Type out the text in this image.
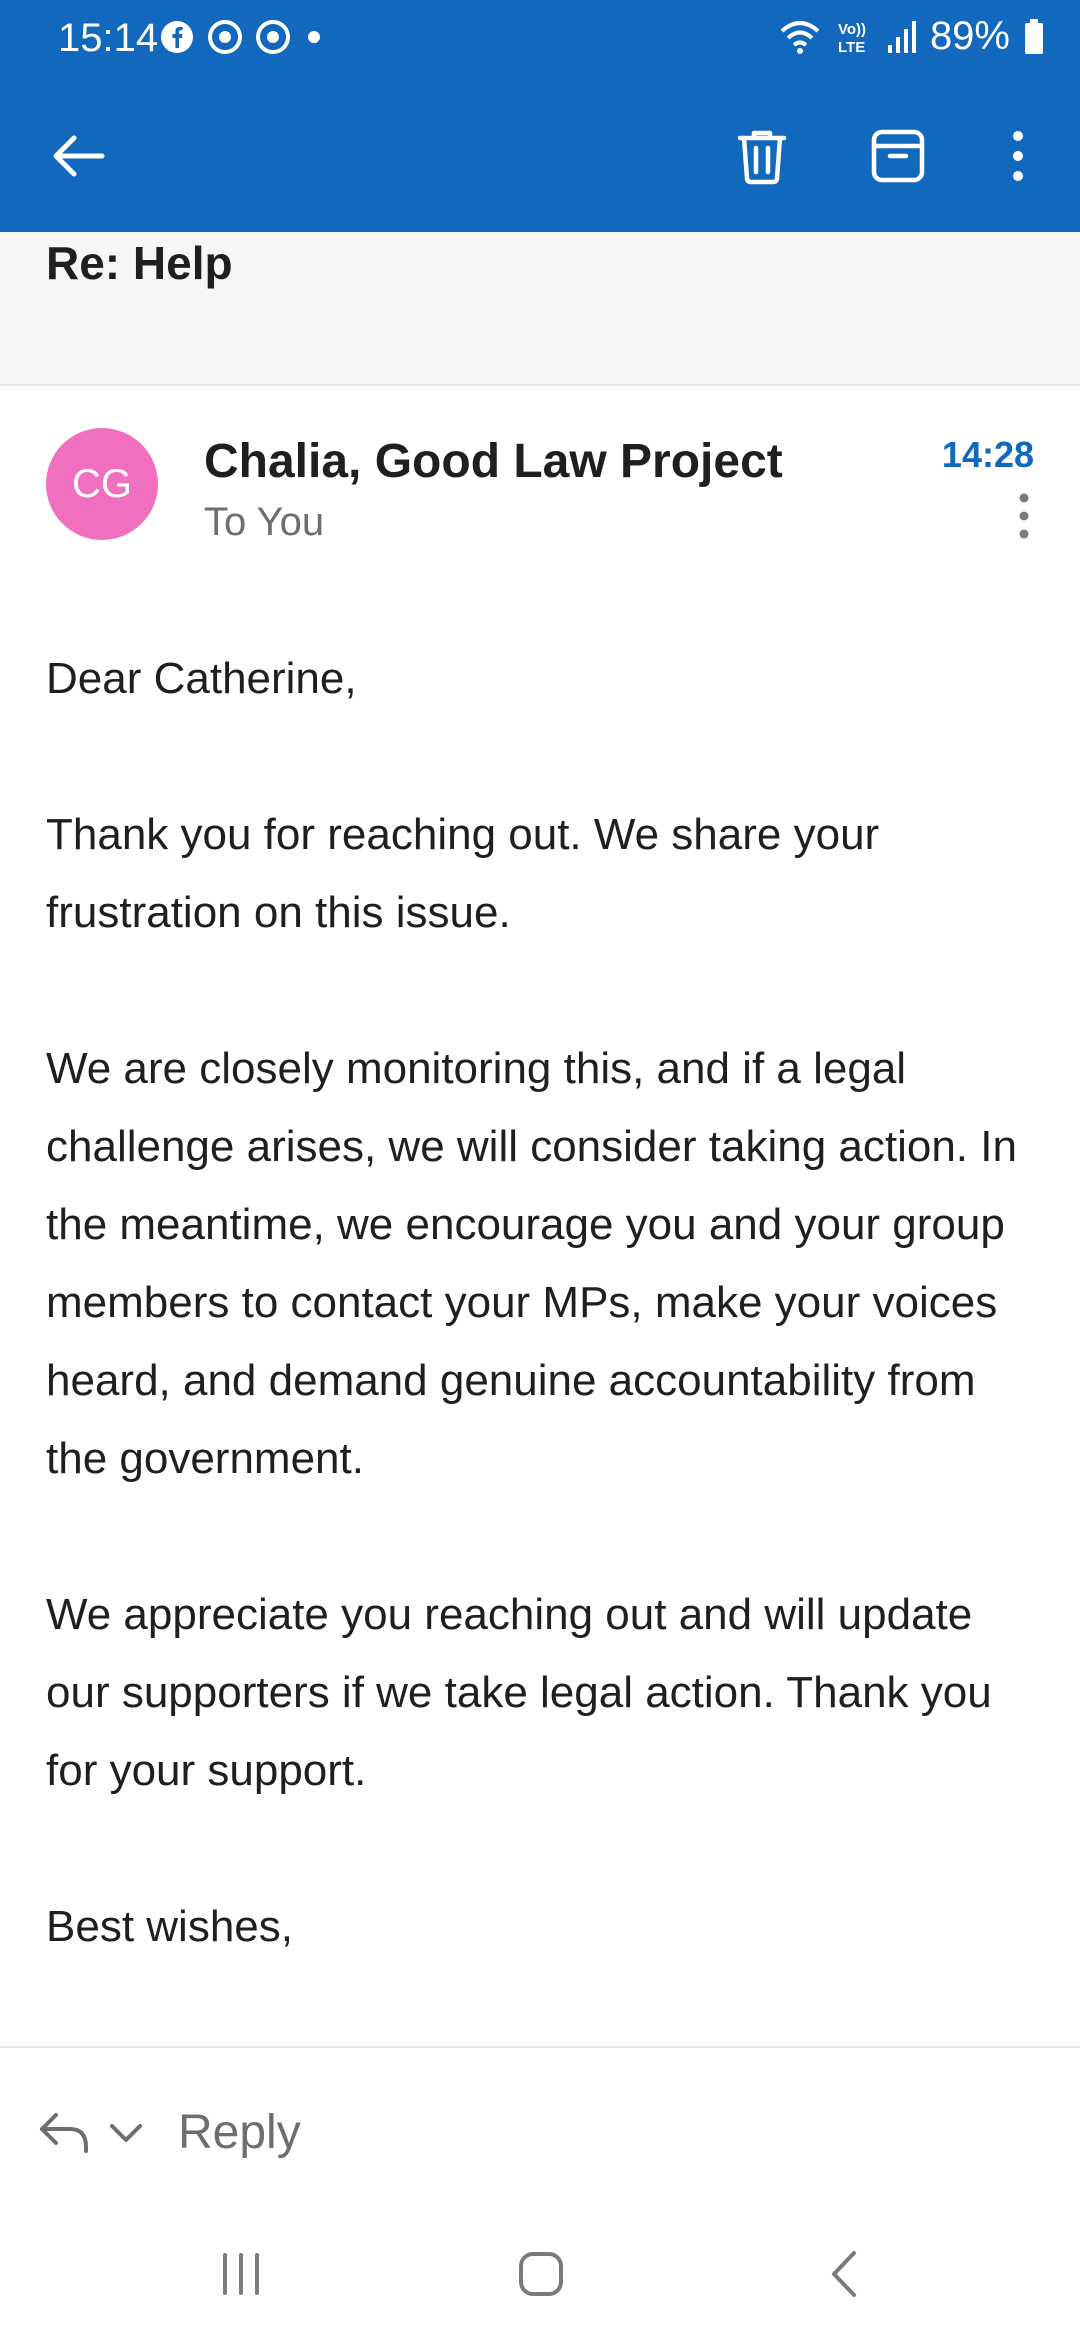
15:14	Vo))
LTE 89%
Re: Help
CG	Chalia, Good Law Project
To You
14:28

Dear Catherine,

Thank you for reaching out. We share your frustration on this issue.

We are closely monitoring this, and if a legal challenge arises, we will consider taking action. In the meantime, we encourage you and your group members to contact your MPs, make your voices heard, and demand genuine accountability from the government.

We appreciate you reaching out and will update our supporters if we take legal action. Thank you for your support.

Best wishes,

Reply
